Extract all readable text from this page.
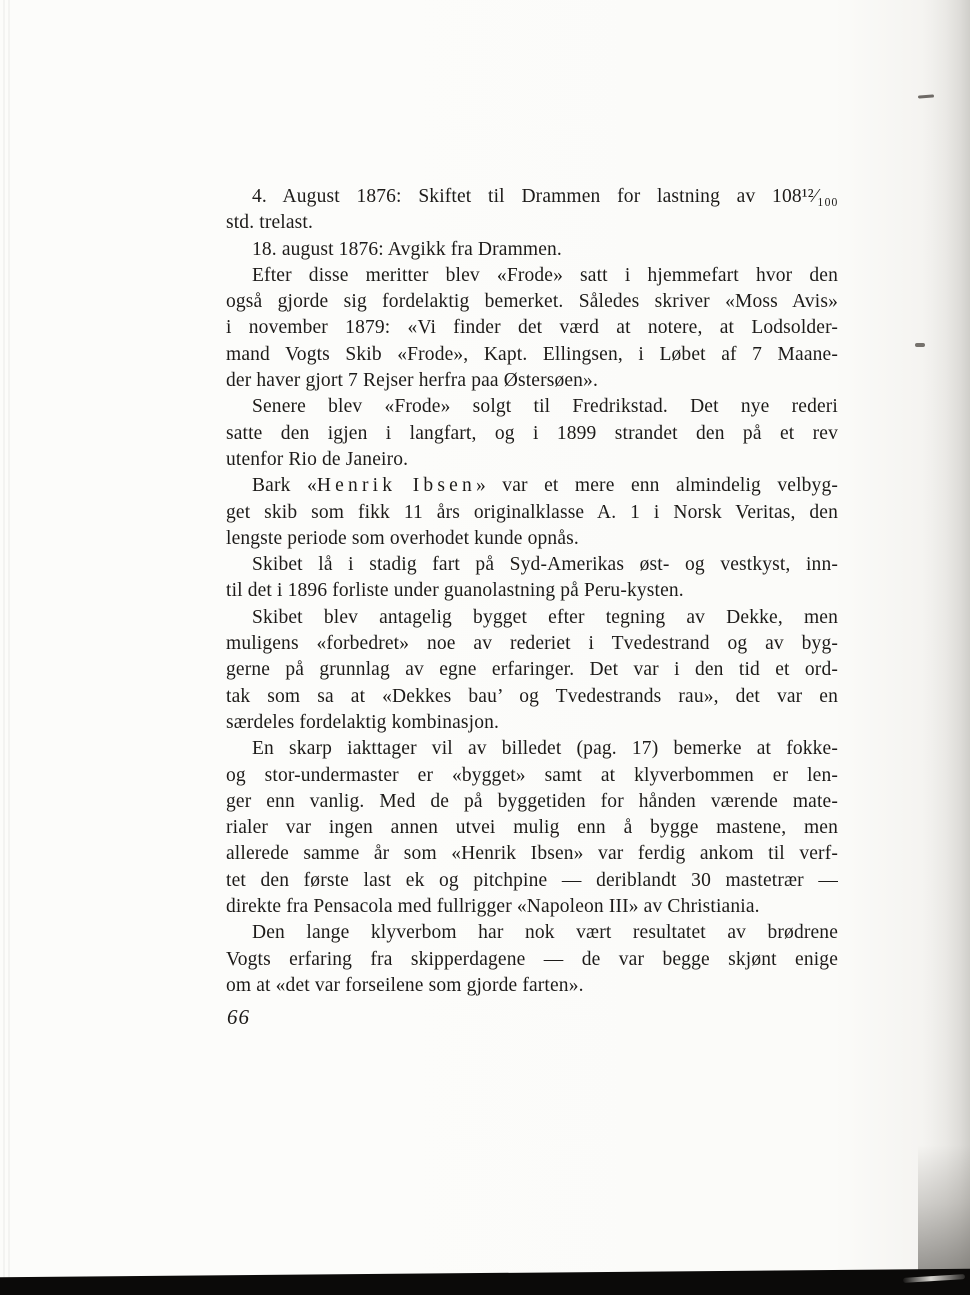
4. August 1876: Skiftet til Drammen for lastning av 108¹²⁄₁₀₀
std. trelast.

18. august 1876: Avgikk fra Drammen.

Efter disse meritter blev «Frode» satt i hjemmefart hvor den
også gjorde sig fordelaktig bemerket. Således skriver «Moss Avis»
i november 1879: «Vi finder det værd at notere, at Lodsolder-
mand Vogts Skib «Frode», Kapt. Ellingsen, i Løbet af 7 Maane-
der haver gjort 7 Rejser herfra paa Østersøen».

Senere blev «Frode» solgt til Fredrikstad. Det nye rederi
satte den igjen i langfart, og i 1899 strandet den på et rev
utenfor Rio de Janeiro.

Bark «H e n r i k  I b s e n » var et mere enn almindelig velbyg-
get skib som fikk 11 års originalklasse A. 1 i Norsk Veritas, den
lengste periode som overhodet kunde opnås.

Skibet lå i stadig fart på Syd-Amerikas øst- og vestkyst, inn-
til det i 1896 forliste under guanolastning på Peru-kysten.

Skibet blev antagelig bygget efter tegning av Dekke, men
muligens «forbedret» noe av rederiet i Tvedestrand og av byg-
gerne på grunnlag av egne erfaringer. Det var i den tid et ord-
tak som sa at «Dekkes bau’ og Tvedestrands rau», det var en
særdeles fordelaktig kombinasjon.

En skarp iakttager vil av billedet (pag. 17) bemerke at fokke-
og stor-undermaster er «bygget» samt at klyverbommen er len-
ger enn vanlig. Med de på byggetiden for hånden værende mate-
rialer var ingen annen utvei mulig enn å bygge mastene, men
allerede samme år som «Henrik Ibsen» var ferdig ankom til verf-
tet den første last ek og pitchpine — deriblandt 30 mastetrær —
direkte fra Pensacola med fullrigger «Napoleon III» av Christiania.

Den lange klyverbom har nok vært resultatet av brødrene
Vogts erfaring fra skipperdagene — de var begge skjønt enige
om at «det var forseilene som gjorde farten».

66
